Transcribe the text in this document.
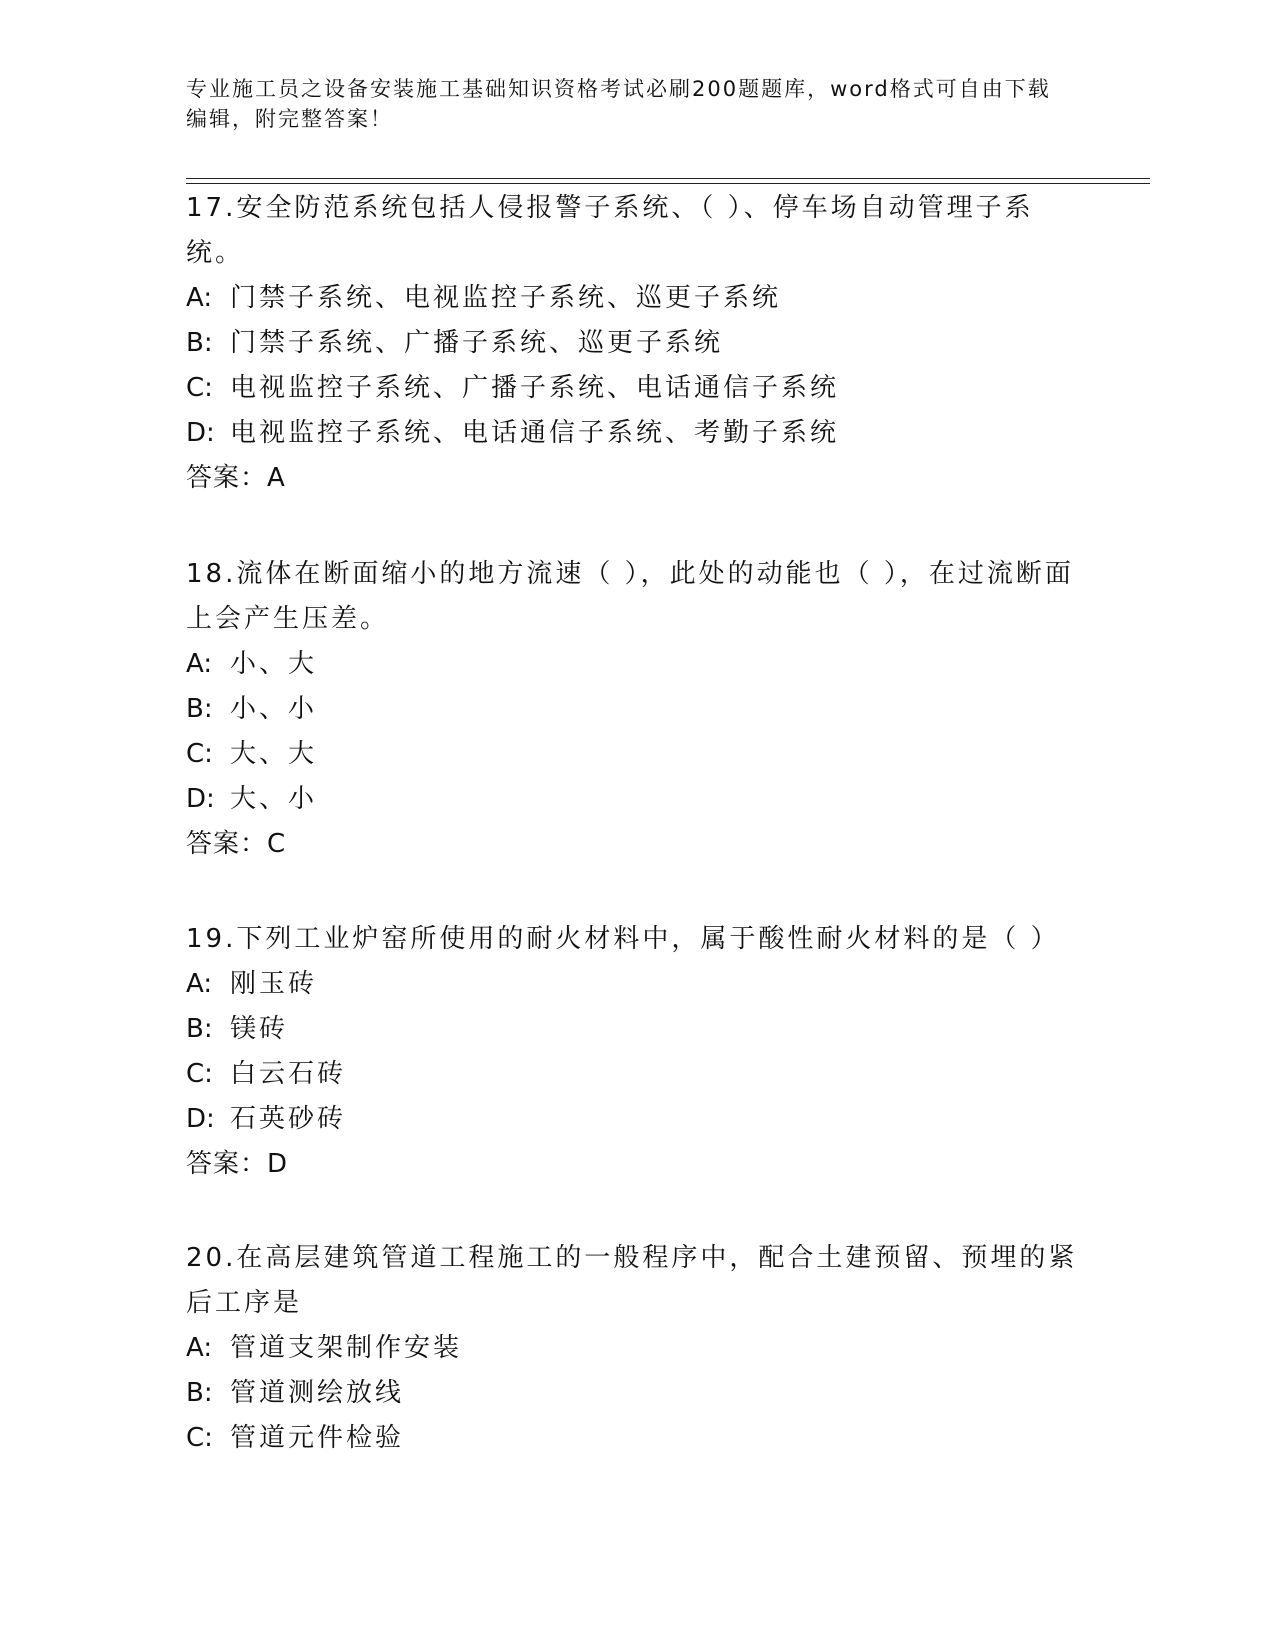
专业施工员之设备安装施工基础知识资格考试必刷200题题库，word格式可自由下载编辑，附完整答案！

17.安全防范系统包括人侵报警子系统、（ ）、停车场自动管理子系统。

A: 门禁子系统、电视监控子系统、巡更子系统

B: 门禁子系统、广播子系统、巡更子系统

C: 电视监控子系统、广播子系统、电话通信子系统

D: 电视监控子系统、电话通信子系统、考勤子系统

答案：A

18.流体在断面缩小的地方流速（ ），此处的动能也（ ），在过流断面上会产生压差。

A: 小、大

B: 小、小

C: 大、大

D: 大、小

答案：C

19.下列工业炉窑所使用的耐火材料中，属于酸性耐火材料的是（ ）

A: 刚玉砖

B: 镁砖

C: 白云石砖

D: 石英砂砖

答案：D

20.在高层建筑管道工程施工的一般程序中，配合土建预留、预埋的紧后工序是

A: 管道支架制作安装

B: 管道测绘放线

C: 管道元件检验
